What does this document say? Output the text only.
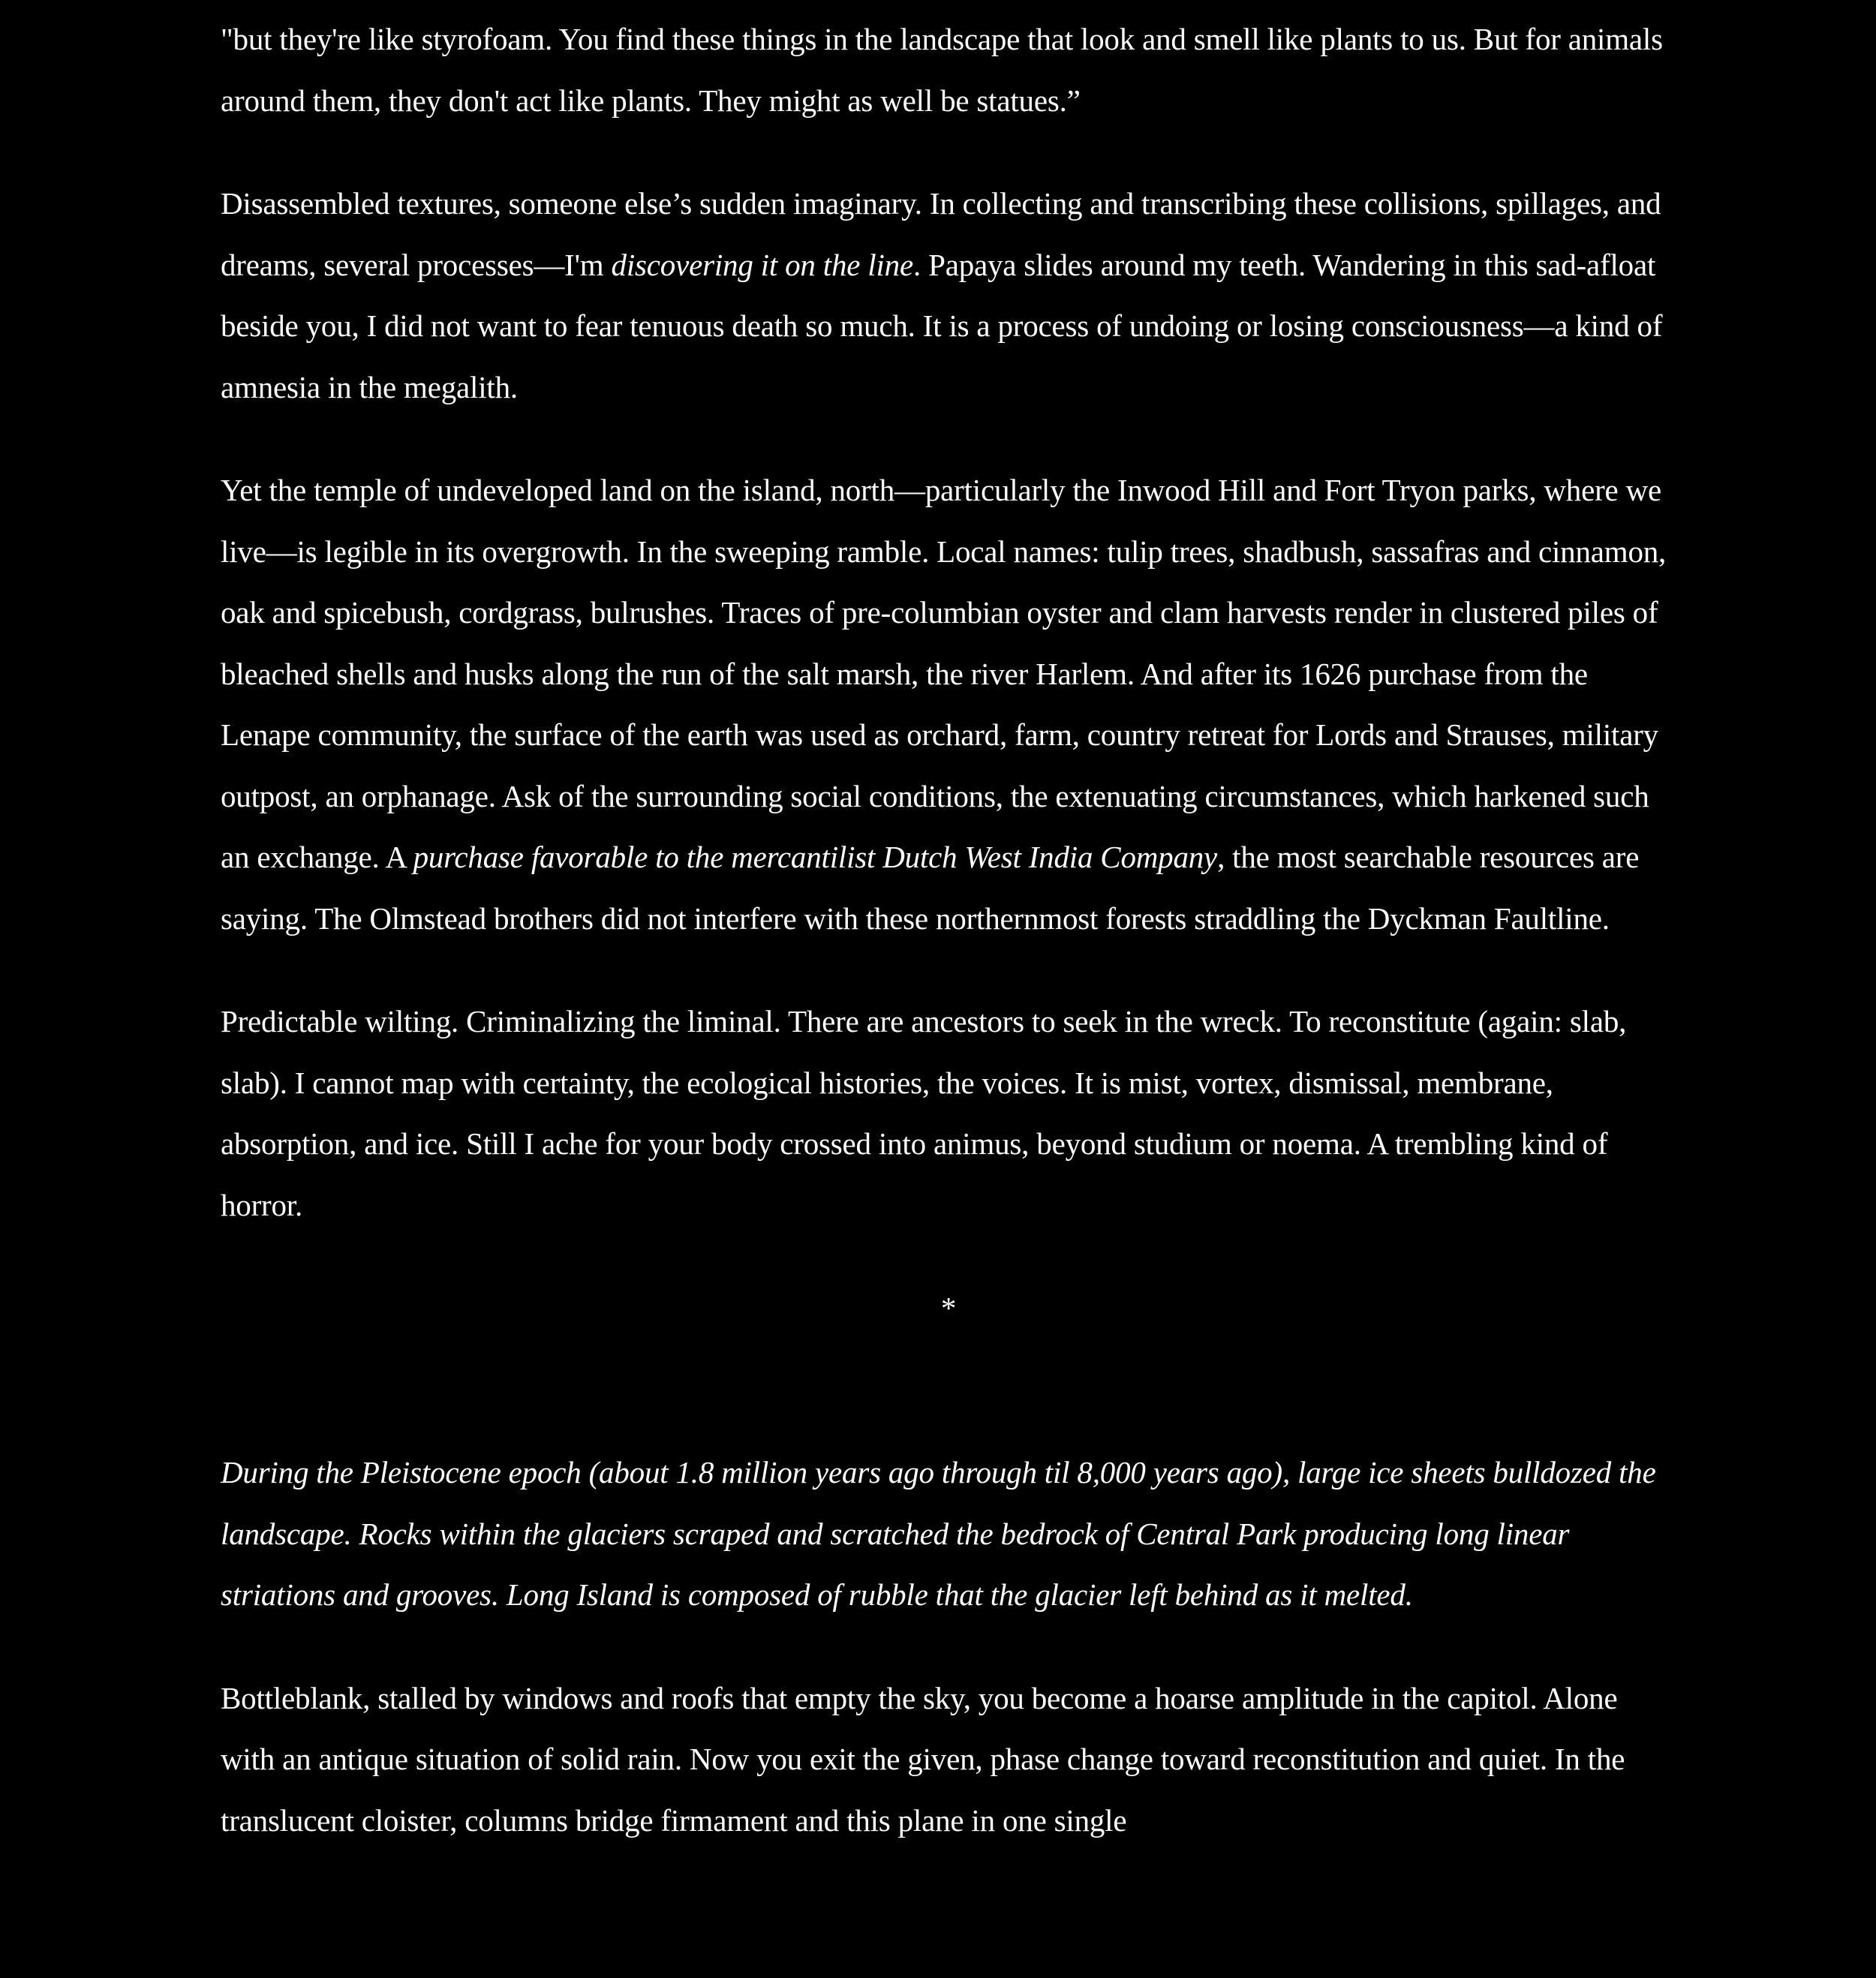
"but they're like styrofoam. You find these things in the landscape that look and smell like plants to us. But for animals around them, they don't act like plants. They might as well be statues.”

Disassembled textures, someone else’s sudden imaginary. In collecting and transcribing these collisions, spillages, and dreams, several processes—I'm discovering it on the line. Papaya slides around my teeth. Wandering in this sad-afloat beside you, I did not want to fear tenuous death so much. It is a process of undoing or losing consciousness—a kind of amnesia in the megalith.

Yet the temple of undeveloped land on the island, north—particularly the Inwood Hill and Fort Tryon parks, where we live—is legible in its overgrowth. In the sweeping ramble. Local names: tulip trees, shadbush, sassafras and cinnamon, oak and spicebush, cordgrass, bulrushes. Traces of pre-columbian oyster and clam harvests render in clustered piles of bleached shells and husks along the run of the salt marsh, the river Harlem. And after its 1626 purchase from the Lenape community, the surface of the earth was used as orchard, farm, country retreat for Lords and Strauses, military outpost, an orphanage. Ask of the surrounding social conditions, the extenuating circumstances, which harkened such an exchange. A purchase favorable to the mercantilist Dutch West India Company, the most searchable resources are saying. The Olmstead brothers did not interfere with these northernmost forests straddling the Dyckman Faultline.

Predictable wilting. Criminalizing the liminal. There are ancestors to seek in the wreck. To reconstitute (again: slab, slab). I cannot map with certainty, the ecological histories, the voices. It is mist, vortex, dismissal, membrane, absorption, and ice. Still I ache for your body crossed into animus, beyond studium or noema. A trembling kind of horror.

*

During the Pleistocene epoch (about 1.8 million years ago through til 8,000 years ago), large ice sheets bulldozed the landscape. Rocks within the glaciers scraped and scratched the bedrock of Central Park producing long linear striations and grooves. Long Island is composed of rubble that the glacier left behind as it melted.

Bottleblank, stalled by windows and roofs that empty the sky, you become a hoarse amplitude in the capitol. Alone with an antique situation of solid rain. Now you exit the given, phase change toward reconstitution and quiet. In the translucent cloister, columns bridge firmament and this plane in one single
